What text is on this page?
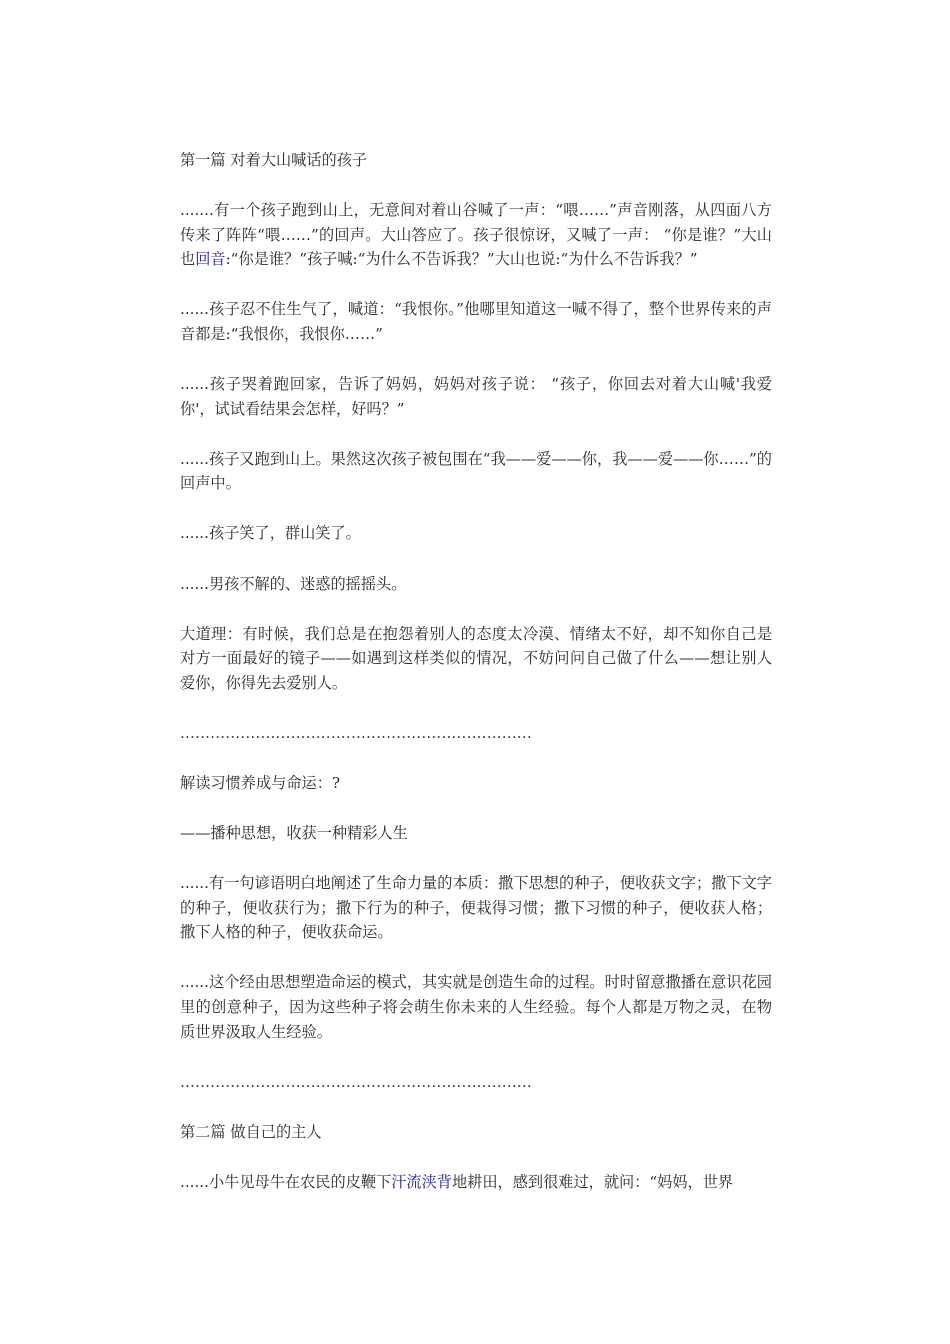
第一篇 对着大山喊话的孩子

.......有一个孩子跑到山上，无意间对着山谷喊了一声：“喂……”声音刚落，从四面八方传来了阵阵“喂……”的回声。大山答应了。孩子很惊讶，又喊了一声： “你是谁？”大山也回音:“你是谁？”孩子喊:“为什么不告诉我？”大山也说:“为什么不告诉我？”

......孩子忍不住生气了，喊道：“我恨你。”他哪里知道这一喊不得了，整个世界传来的声音都是:“我恨你，我恨你……”

......孩子哭着跑回家，告诉了妈妈，妈妈对孩子说： “孩子，你回去对着大山喊'我爱你'，试试看结果会怎样，好吗？”

......孩子又跑到山上。果然这次孩子被包围在“我——爱——你，我——爱——你……”的回声中。

......孩子笑了，群山笑了。

......男孩不解的、迷惑的摇摇头。

大道理：有时候，我们总是在抱怨着别人的态度太冷漠、情绪太不好，却不知你自己是对方一面最好的镜子——如遇到这样类似的情况，不妨问问自己做了什么——想让别人爱你，你得先去爱别人。

......................................................................

解读习惯养成与命运：?

——播种思想，收获一种精彩人生

......有一句谚语明白地阐述了生命力量的本质：撒下思想的种子，便收获文字；撒下文字的种子，便收获行为；撒下行为的种子，便栽得习惯；撒下习惯的种子，便收获人格；撒下人格的种子，便收获命运。

......这个经由思想塑造命运的模式，其实就是创造生命的过程。时时留意撒播在意识花园里的创意种子，因为这些种子将会萌生你未来的人生经验。每个人都是万物之灵，在物质世界汲取人生经验。

......................................................................

第二篇 做自己的主人

......小牛见母牛在农民的皮鞭下汗流浃背地耕田，感到很难过，就问：“妈妈，世界
